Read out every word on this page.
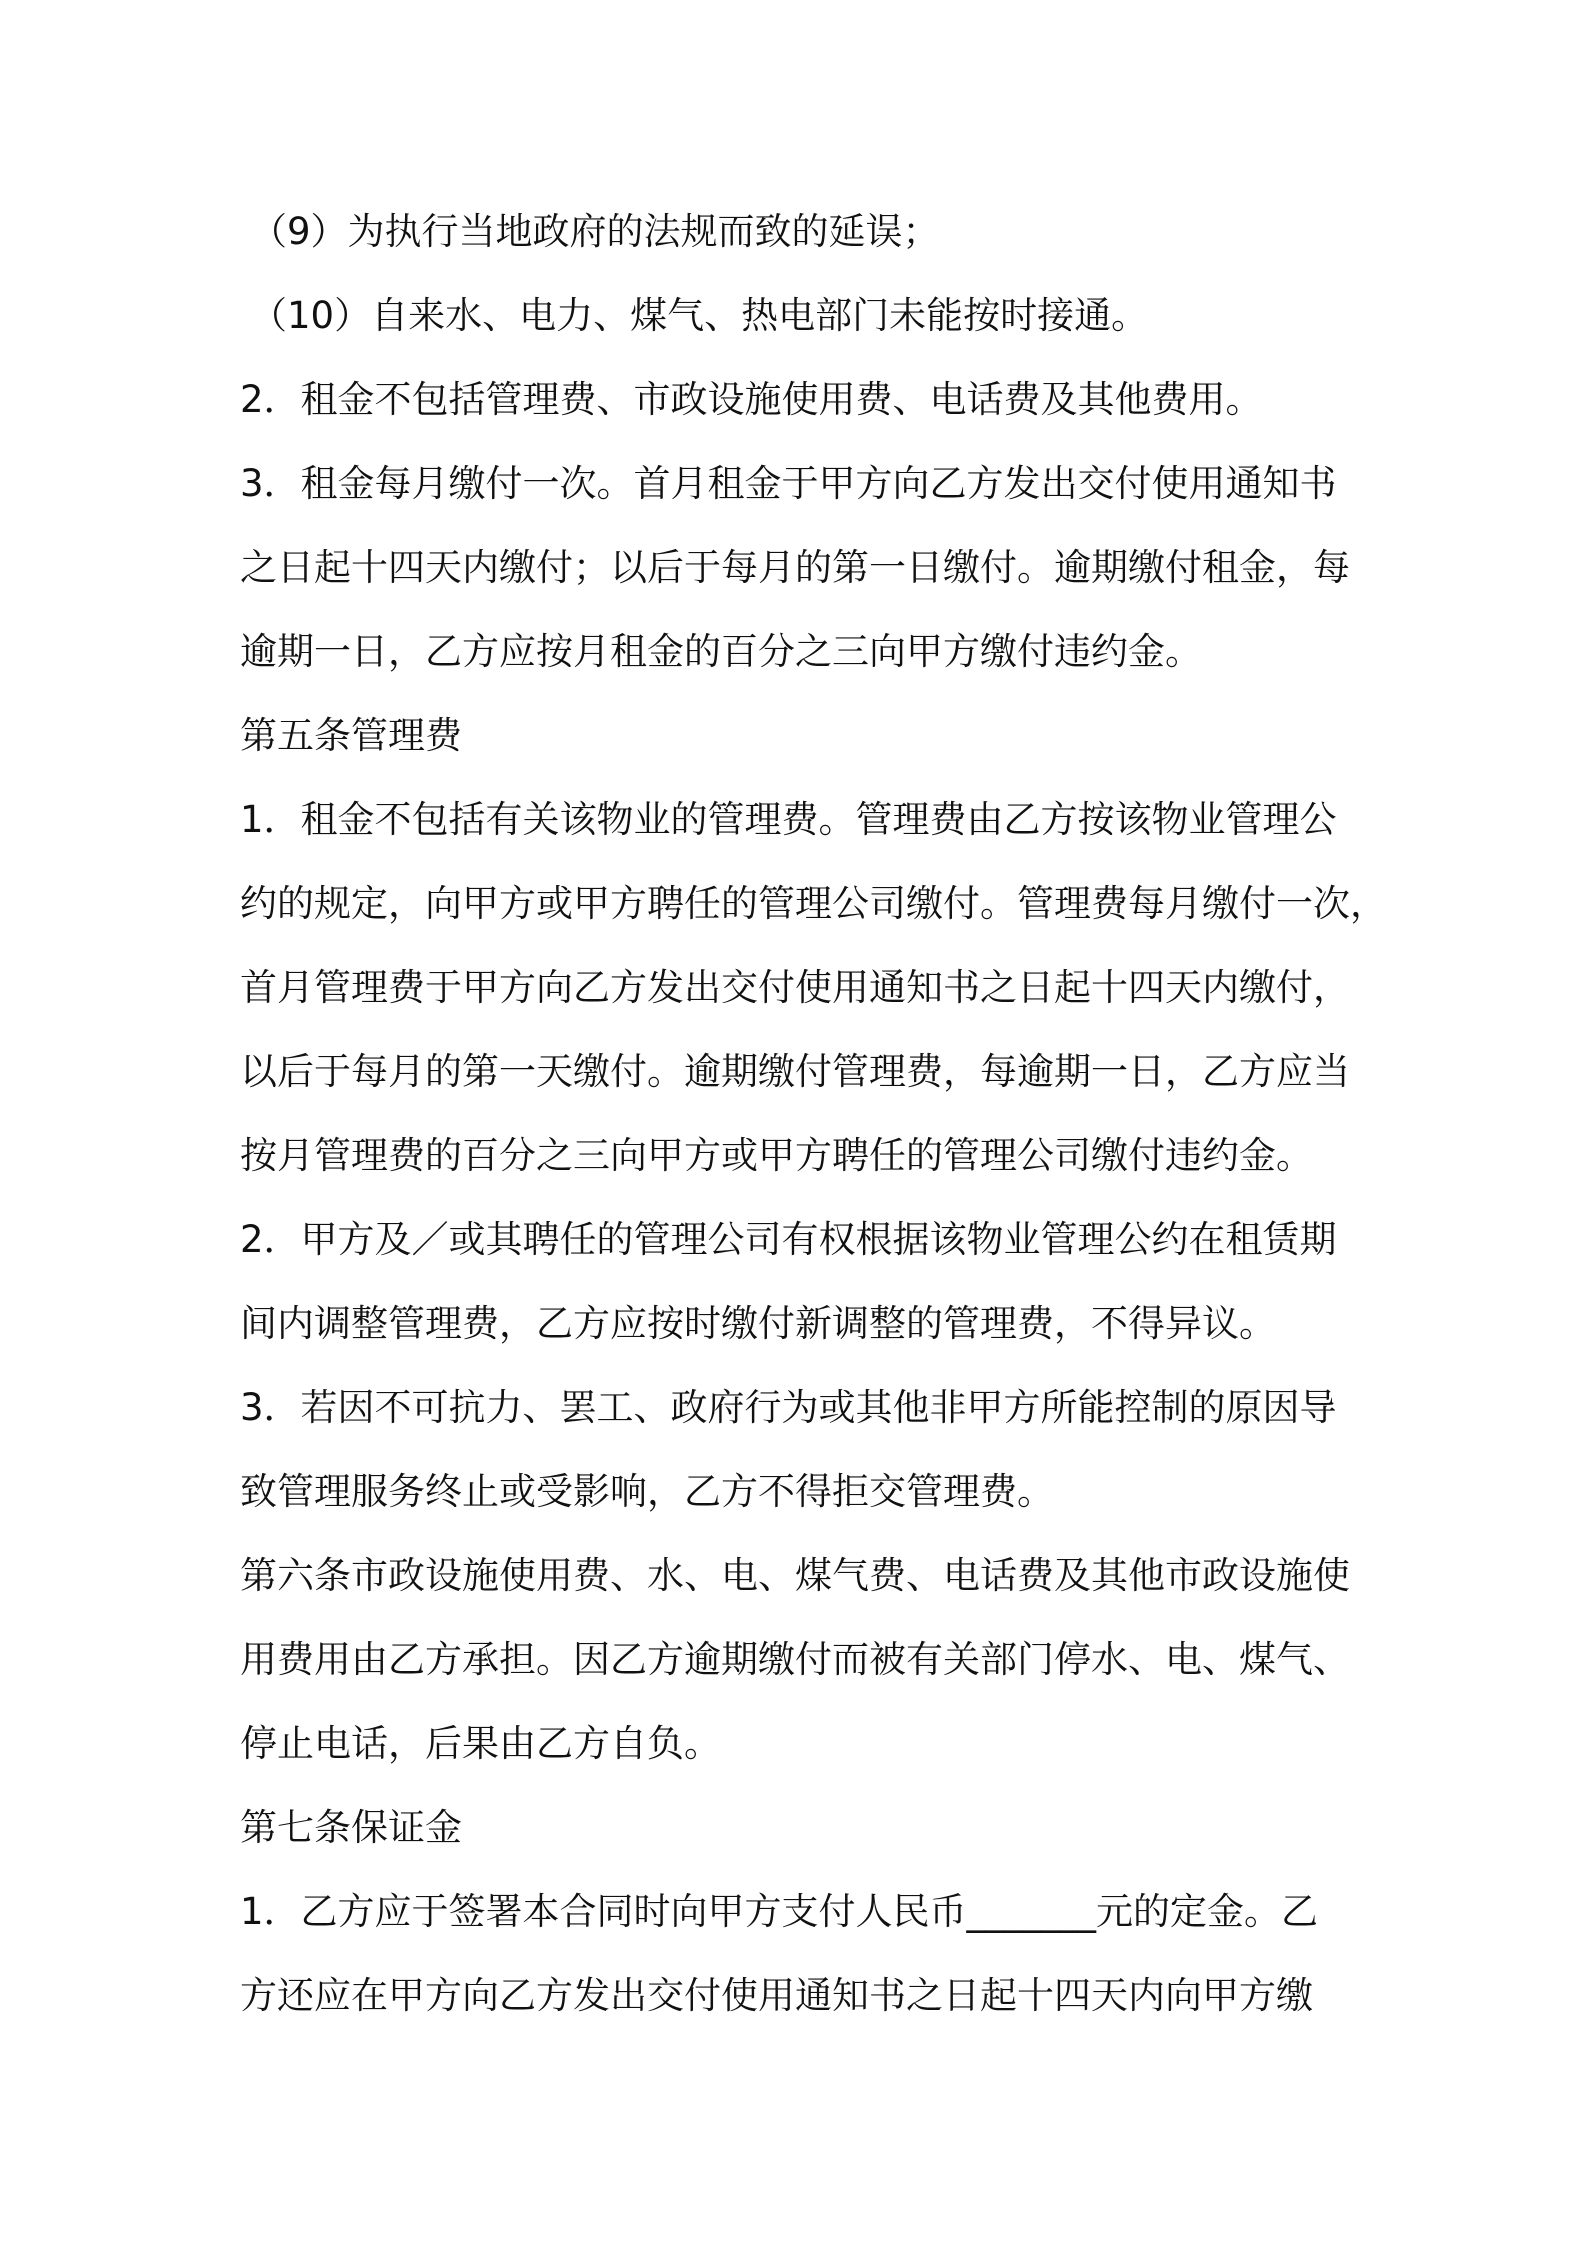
（9）为执行当地政府的法规而致的延误；
（10）自来水、电力、煤气、热电部门未能按时接通。
2．租金不包括管理费、市政设施使用费、电话费及其他费用。
3．租金每月缴付一次。首月租金于甲方向乙方发出交付使用通知书
之日起十四天内缴付；以后于每月的第一日缴付。逾期缴付租金，每
逾期一日，乙方应按月租金的百分之三向甲方缴付违约金。
第五条管理费
1．租金不包括有关该物业的管理费。管理费由乙方按该物业管理公
约的规定，向甲方或甲方聘任的管理公司缴付。管理费每月缴付一次，
首月管理费于甲方向乙方发出交付使用通知书之日起十四天内缴付，
以后于每月的第一天缴付。逾期缴付管理费，每逾期一日，乙方应当
按月管理费的百分之三向甲方或甲方聘任的管理公司缴付违约金。
2．甲方及／或其聘任的管理公司有权根据该物业管理公约在租赁期
间内调整管理费，乙方应按时缴付新调整的管理费，不得异议。
3．若因不可抗力、罢工、政府行为或其他非甲方所能控制的原因导
致管理服务终止或受影响，乙方不得拒交管理费。
第六条市政设施使用费、水、电、煤气费、电话费及其他市政设施使
用费用由乙方承担。因乙方逾期缴付而被有关部门停水、电、煤气、
停止电话，后果由乙方自负。
第七条保证金
1．乙方应于签署本合同时向甲方支付人民币_______元的定金。乙
方还应在甲方向乙方发出交付使用通知书之日起十四天内向甲方缴
